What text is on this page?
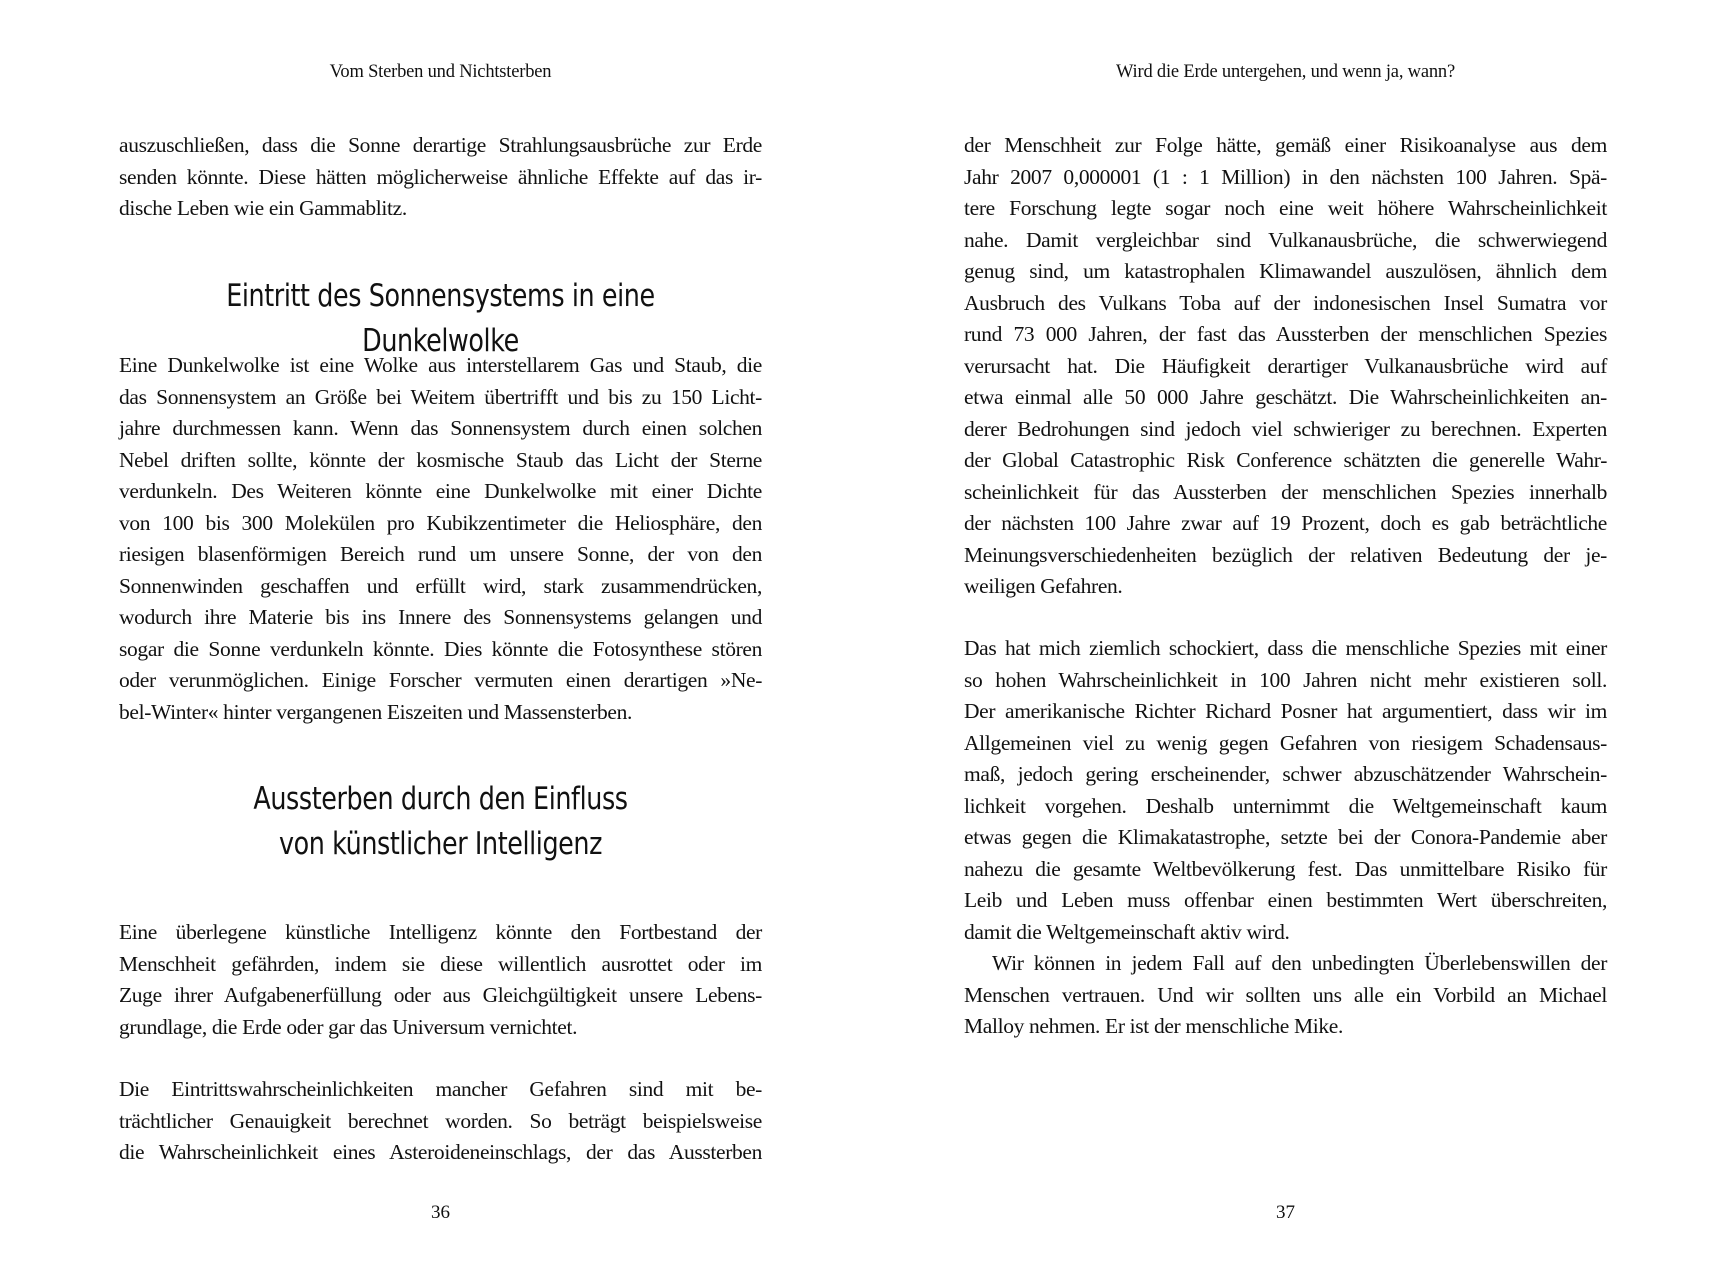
Vom Sterben und Nichtsterben
auszuschließen, dass die Sonne derartige Strahlungsausbrüche zur Erde
senden könnte. Diese hätten möglicherweise ähnliche Effekte auf das ir-
dische Leben wie ein Gammablitz.
Eintritt des Sonnensystems in eine Dunkelwolke
Eine Dunkelwolke ist eine Wolke aus interstellarem Gas und Staub, die
das Sonnensystem an Größe bei Weitem übertrifft und bis zu 150 Licht-
jahre durchmessen kann. Wenn das Sonnensystem durch einen solchen
Nebel driften sollte, könnte der kosmische Staub das Licht der Sterne
verdunkeln. Des Weiteren könnte eine Dunkelwolke mit einer Dichte
von 100 bis 300 Molekülen pro Kubikzentimeter die Heliosphäre, den
riesigen blasenförmigen Bereich rund um unsere Sonne, der von den
Sonnenwinden geschaffen und erfüllt wird, stark zusammendrücken,
wodurch ihre Materie bis ins Innere des Sonnensystems gelangen und
sogar die Sonne verdunkeln könnte. Dies könnte die Fotosynthese stören
oder verunmöglichen. Einige Forscher vermuten einen derartigen »Ne-
bel-Winter« hinter vergangenen Eiszeiten und Massensterben.
Aussterben durch den Einfluss
von künstlicher Intelligenz
Eine überlegene künstliche Intelligenz könnte den Fortbestand der
Menschheit gefährden, indem sie diese willentlich ausrottet oder im
Zuge ihrer Aufgabenerfüllung oder aus Gleichgültigkeit unsere Lebens-
grundlage, die Erde oder gar das Universum vernichtet.
Die Eintrittswahrscheinlichkeiten mancher Gefahren sind mit be-
trächtlicher Genauigkeit berechnet worden. So beträgt beispielsweise
die Wahrscheinlichkeit eines Asteroideneinschlags, der das Aussterben
36
Wird die Erde untergehen, und wenn ja, wann?
der Menschheit zur Folge hätte, gemäß einer Risikoanalyse aus dem
Jahr 2007 0,000001 (1 : 1 Million) in den nächsten 100 Jahren. Spä-
tere Forschung legte sogar noch eine weit höhere Wahrscheinlichkeit
nahe. Damit vergleichbar sind Vulkanausbrüche, die schwerwiegend
genug sind, um katastrophalen Klimawandel auszulösen, ähnlich dem
Ausbruch des Vulkans Toba auf der indonesischen Insel Sumatra vor
rund 73 000 Jahren, der fast das Aussterben der menschlichen Spezies
verursacht hat. Die Häufigkeit derartiger Vulkanausbrüche wird auf
etwa einmal alle 50 000 Jahre geschätzt. Die Wahrscheinlichkeiten an-
derer Bedrohungen sind jedoch viel schwieriger zu berechnen. Experten
der Global Catastrophic Risk Conference schätzten die generelle Wahr-
scheinlichkeit für das Aussterben der menschlichen Spezies innerhalb
der nächsten 100 Jahre zwar auf 19 Prozent, doch es gab beträchtliche
Meinungsverschiedenheiten bezüglich der relativen Bedeutung der je-
weiligen Gefahren.
Das hat mich ziemlich schockiert, dass die menschliche Spezies mit einer
so hohen Wahrscheinlichkeit in 100 Jahren nicht mehr existieren soll.
Der amerikanische Richter Richard Posner hat argumentiert, dass wir im
Allgemeinen viel zu wenig gegen Gefahren von riesigem Schadensaus-
maß, jedoch gering erscheinender, schwer abzuschätzender Wahrschein-
lichkeit vorgehen. Deshalb unternimmt die Weltgemeinschaft kaum
etwas gegen die Klimakatastrophe, setzte bei der Conora-Pandemie aber
nahezu die gesamte Weltbevölkerung fest. Das unmittelbare Risiko für
Leib und Leben muss offenbar einen bestimmten Wert überschreiten,
damit die Weltgemeinschaft aktiv wird.
Wir können in jedem Fall auf den unbedingten Überlebenswillen der
Menschen vertrauen. Und wir sollten uns alle ein Vorbild an Michael
Malloy nehmen. Er ist der menschliche Mike.
37
